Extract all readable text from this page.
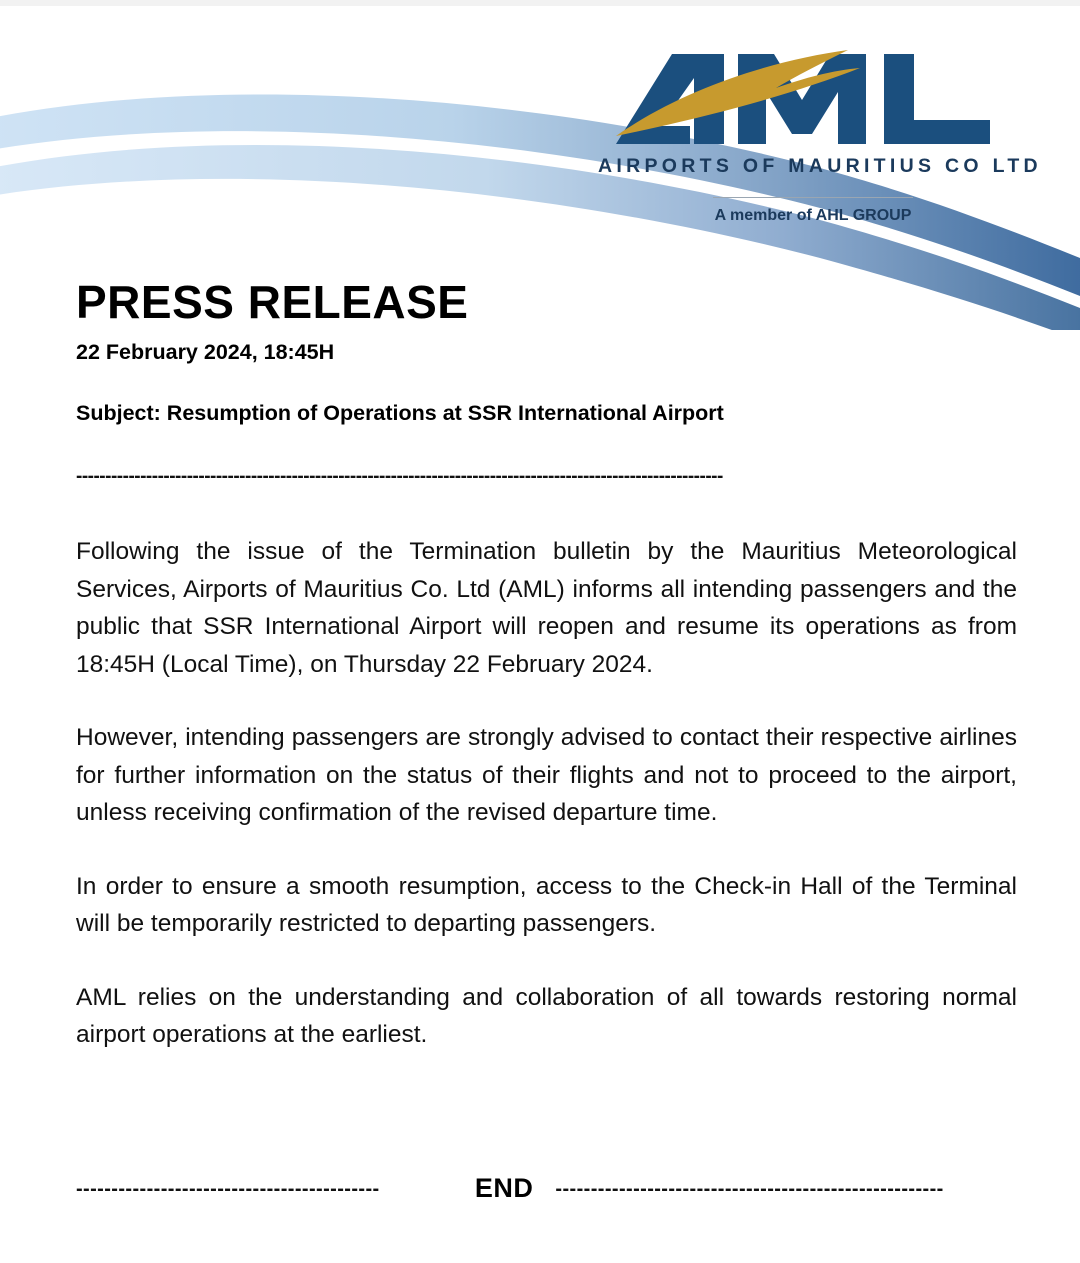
AIRPORTS OF MAURITIUS CO LTD
A member of AHL GROUP
PRESS RELEASE
22 February 2024, 18:45H
Subject: Resumption of Operations at SSR International Airport
---------------------------------------------------------------------------------------------------------------

Following the issue of the Termination bulletin by the Mauritius Meteorological Services, Airports of Mauritius Co. Ltd (AML) informs all intending passengers and the public that SSR International Airport will reopen and resume its operations as from 18:45H (Local Time), on Thursday 22 February 2024.

However, intending passengers are strongly advised to contact their respective airlines for further information on the status of their flights and not to proceed to the airport, unless receiving confirmation of the revised departure time.

In order to ensure a smooth resumption, access to the Check-in Hall of the Terminal will be temporarily restricted to departing passengers.

AML relies on the understanding and collaboration of all towards restoring normal airport operations at the earliest.

-------------------------------------------	END	-------------------------------------------------------
